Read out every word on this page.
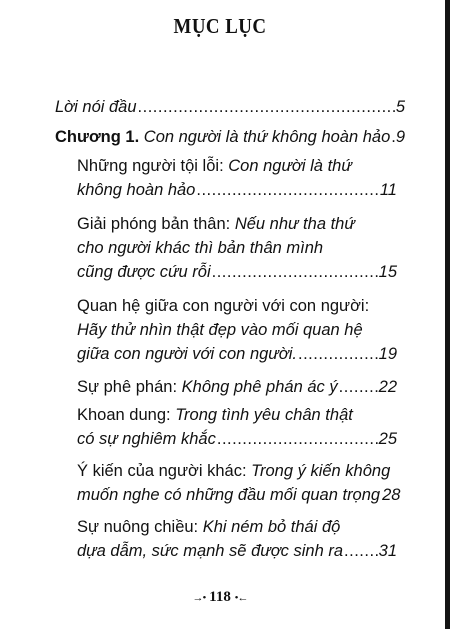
MỤC LỤC
Lời nói đầu .....	5
Chương 1.
Con người là thứ không hoàn hảo ..... 9
Những người tội lỗi:
Con người là thứ
không hoàn hảo .....	11
Giải phóng bản thân:
Nếu như tha thứ
cho người khác thì bản thân mình
cũng được cứu rỗi .....	15
Quan hệ giữa con người với con người:
Hãy thử nhìn thật đẹp vào mối quan hệ
giữa con người với con người. .....	19
Sự phê phán:
Không phê phán ác ý ..... 22
Khoan dung:
Trong tình yêu chân thật
có sự nghiêm khắc .....	25
Ý kiến của người khác:
Trong ý kiến không
muốn nghe có những đầu mối quan trọng 28
Sự nuông chiều:
Khi ném bỏ thái độ
dựa dẫm, sức mạnh sẽ được sinh ra ..... 31
→• 118 •←
